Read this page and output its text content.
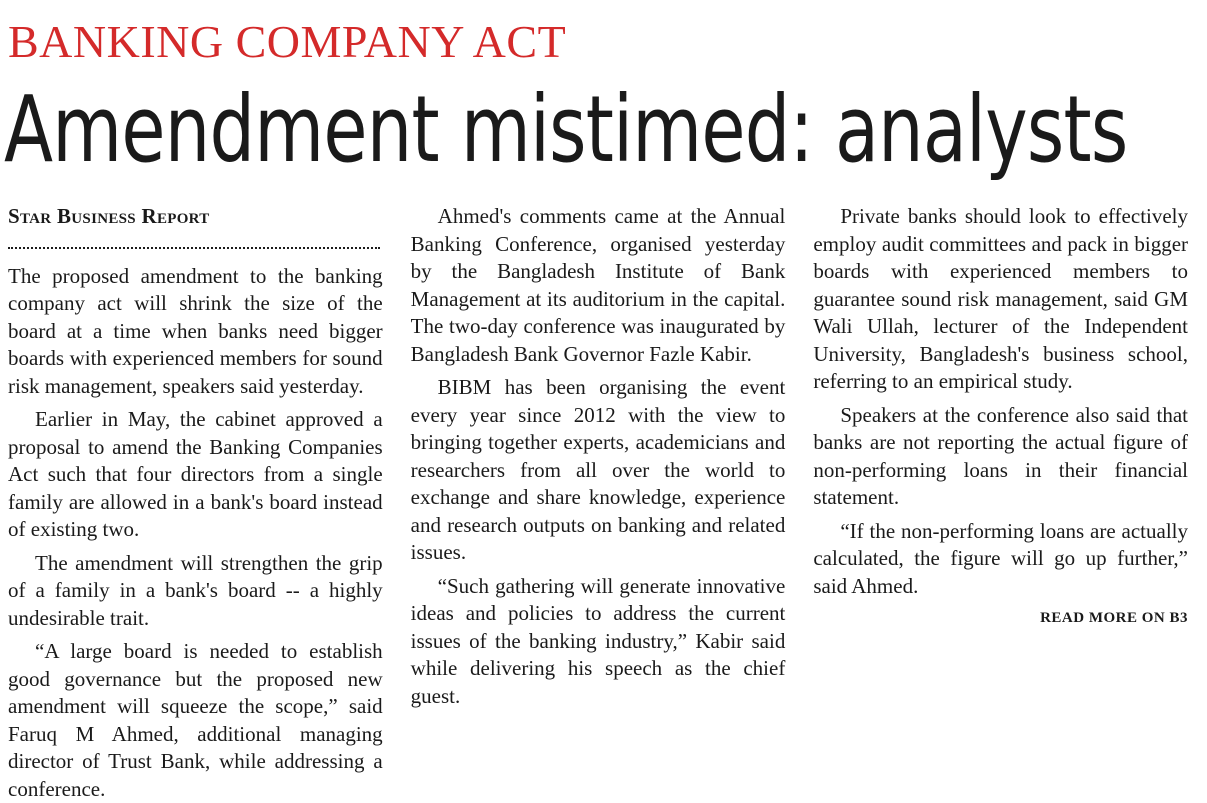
BANKING COMPANY ACT
Amendment mistimed: analysts

Star Business Report

The proposed amendment to the banking company act will shrink the size of the board at a time when banks need bigger boards with experienced members for sound risk management, speakers said yesterday.

Earlier in May, the cabinet approved a proposal to amend the Banking Companies Act such that four directors from a single family are allowed in a bank's board instead of existing two.

The amendment will strengthen the grip of a family in a bank's board -- a highly undesirable trait.

“A large board is needed to establish good governance but the proposed new amendment will squeeze the scope,” said Faruq M Ahmed, additional managing director of Trust Bank, while addressing a conference.

Ahmed's comments came at the Annual Banking Conference, organised yesterday by the Bangladesh Institute of Bank Management at its auditorium in the capital. The two-day conference was inaugurated by Bangladesh Bank Governor Fazle Kabir.

BIBM has been organising the event every year since 2012 with the view to bringing together experts, academicians and researchers from all over the world to exchange and share knowledge, experience and research outputs on banking and related issues.

“Such gathering will generate innovative ideas and policies to address the current issues of the banking industry,” Kabir said while delivering his speech as the chief guest.

Private banks should look to effectively employ audit committees and pack in bigger boards with experienced members to guarantee sound risk management, said GM Wali Ullah, lecturer of the Independent University, Bangladesh's business school, referring to an empirical study.

Speakers at the conference also said that banks are not reporting the actual figure of non-performing loans in their financial statement.

“If the non-performing loans are actually calculated, the figure will go up further,” said Ahmed.

READ MORE ON B3
